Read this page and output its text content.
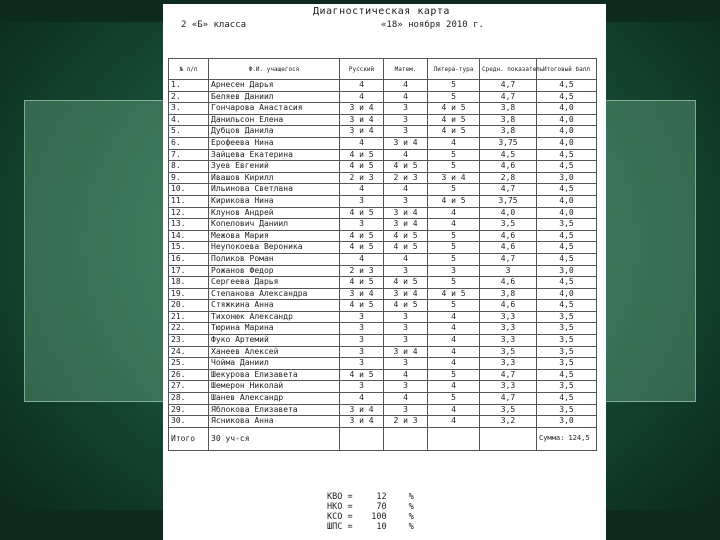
Диагностическая карта
2 «Б» класса	«18» ноября 2010 г.
№ п/п	Ф.И. учащегося	Русский	Матем.	Литера-тура	Средн. показатель	Итоговый балл
1.	Арнесен Дарья	4	4	5	4,7	4,5
2.	Беляев Даниил	4	4	5	4,7	4,5
3.	Гончарова Анастасия	3 и 4	3	4 и 5	3,8	4,0
4.	Данильсон Елена	3 и 4	3	4 и 5	3,8	4,0
5.	Дубцов Данила	3 и 4	3	4 и 5	3,8	4,0
6.	Ерофеева Нина	4	3 и 4	4	3,75	4,0
7.	Зайцева Екатерина	4 и 5	4	5	4,5	4,5
8.	Зуев Евгений	4 и 5	4 и 5	5	4,6	4,5
9.	Ивашов Кирилл	2 и 3	2 и 3	3 и 4	2,8	3,0
10.	Ильинова Светлана	4	4	5	4,7	4,5
11.	Кирикова Нина	3	3	4 и 5	3,75	4,0
12.	Клунов Андрей	4 и 5	3 и 4	4	4,0	4,0
13.	Копелович Даниил	3	3 и 4	4	3,5	3,5
14.	Межова Мария	4 и 5	4 и 5	5	4,6	4,5
15.	Неупокоева Вероника	4 и 5	4 и 5	5	4,6	4,5
16.	Поликов Роман	4	4	5	4,7	4,5
17.	Рожанов Федор	2 и 3	3	3	3	3,0
18.	Сергеева Дарья	4 и 5	4 и 5	5	4,6	4,5
19.	Степанова Александра	3 и 4	3 и 4	4 и 5	3,8	4,0
20.	Стяжкина Анна	4 и 5	4 и 5	5	4,6	4,5
21.	Тихонюк Александр	3	3	4	3,3	3,5
22.	Тюрина Марина	3	3	4	3,3	3,5
23.	Фуко Артемий	3	3	4	3,3	3,5
24.	Ханеев Алексей	3	3 и 4	4	3,5	3,5
25.	Чойма Даниил	3	3	4	3,3	3,5
26.	Шекурова Елизавета	4 и 5	4	5	4,7	4,5
27.	Шемерон Николай	3	3	4	3,3	3,5
28.	Шанев Александр	4	4	5	4,7	4,5
29.	Яблокова Елизавета	3 и 4	3	4	3,5	3,5
30.	Ясникова Анна	3 и 4	2 и 3	4	3,2	3,0
Итого	30 уч-ся					Сумма: 124,5
КВО =	12	%
НКО =	70	%
КСО = 100	%
ШПС =	10	%
